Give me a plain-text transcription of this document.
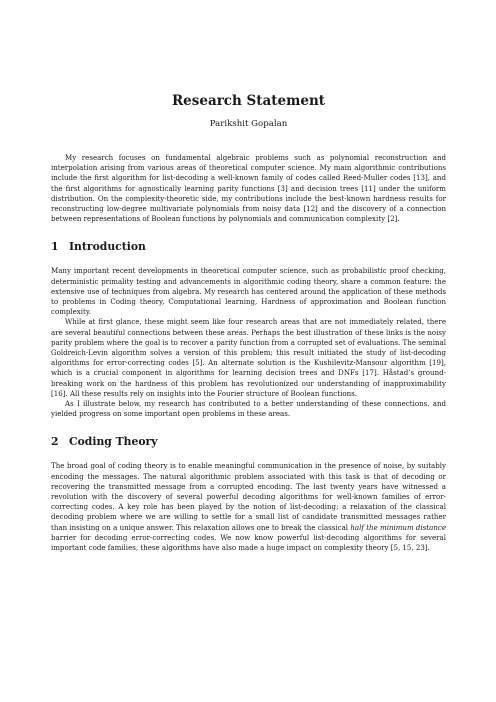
Research Statement

Parikshit Gopalan

My research focuses on fundamental algebraic problems such as polynomial reconstruction and interpolation arising from various areas of theoretical computer science. My main algorithmic contributions include the first algorithm for list-decoding a well-known family of codes called Reed-Muller codes [13], and the first algorithms for agnostically learning parity functions [3] and decision trees [11] under the uniform distribution. On the complexity-theoretic side, my contributions include the best-known hardness results for reconstructing low-degree multivariate polynomials from noisy data [12] and the discovery of a connection between representations of Boolean functions by polynomials and communication complexity [2].

1 Introduction

Many important recent developments in theoretical computer science, such as probabilistic proof checking, deterministic primality testing and advancements in algorithmic coding theory, share a common feature: the extensive use of techniques from algebra. My research has centered around the application of these methods to problems in Coding theory, Computational learning, Hardness of approximation and Boolean function complexity.

While at first glance, these might seem like four research areas that are not immediately related, there are several beautiful connections between these areas. Perhaps the best illustration of these links is the noisy parity problem where the goal is to recover a parity function from a corrupted set of evaluations. The seminal Goldreich-Levin algorithm solves a version of this problem; this result initiated the study of list-decoding algorithms for error-correcting codes [5]. An alternate solution is the Kushilevitz-Mansour algorithm [19], which is a crucial component in algorithms for learning decision trees and DNFs [17]. Håstad’s ground-breaking work on the hardness of this problem has revolutionized our understanding of inapproximability [16]. All these results rely on insights into the Fourier structure of Boolean functions.

As I illustrate below, my research has contributed to a better understanding of these connections, and yielded progress on some important open problems in these areas.

2 Coding Theory

The broad goal of coding theory is to enable meaningful communication in the presence of noise, by suitably encoding the messages. The natural algorithmic problem associated with this task is that of decoding or recovering the transmitted message from a corrupted encoding. The last twenty years have witnessed a revolution with the discovery of several powerful decoding algorithms for well-known families of error-correcting codes. A key role has been played by the notion of list-decoding; a relaxation of the classical decoding problem where we are willing to settle for a small list of candidate transmitted messages rather than insisting on a unique answer. This relaxation allows one to break the classical half the minimum distance barrier for decoding error-correcting codes. We now know powerful list-decoding algorithms for several important code families, these algorithms have also made a huge impact on complexity theory [5, 15, 23].
